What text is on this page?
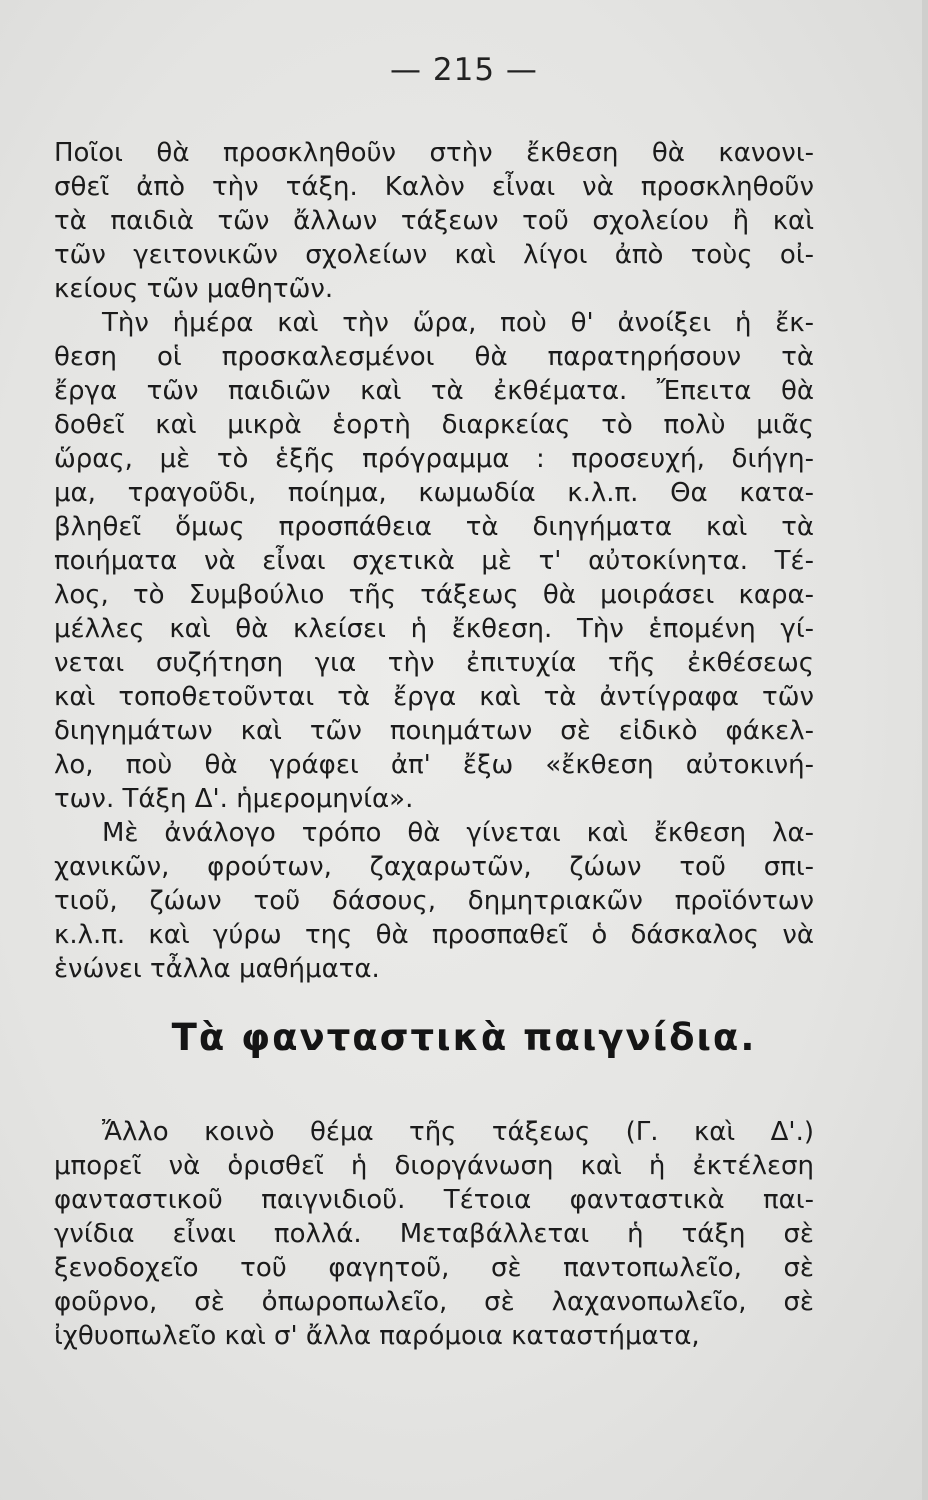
— 215 —
Ποῖοι θὰ προσκληθοῦν στὴν ἔκθεση θὰ κανονι-
σθεῖ ἀπὸ τὴν τάξη. Καλὸν εἶναι νὰ προσκληθοῦν
τὰ παιδιὰ τῶν ἄλλων τάξεων τοῦ σχολείου ἢ καὶ
τῶν γειτονικῶν σχολείων καὶ λίγοι ἀπὸ τοὺς οἰ-
κείους τῶν μαθητῶν.
Τὴν ἡμέρα καὶ τὴν ὥρα, ποὺ θ' ἀνοίξει ἡ ἔκ-
θεση οἱ προσκαλεσμένοι θὰ παρατηρήσουν τὰ
ἔργα τῶν παιδιῶν καὶ τὰ ἐκθέματα. Ἔπειτα θὰ
δοθεῖ καὶ μικρὰ ἑορτὴ διαρκείας τὸ πολὺ μιᾶς
ὥρας, μὲ τὸ ἑξῆς πρόγραμμα : προσευχή, διήγη-
μα, τραγοῦδι, ποίημα, κωμωδία κ.λ.π. Θα κατα-
βληθεῖ ὅμως προσπάθεια τὰ διηγήματα καὶ τὰ
ποιήματα νὰ εἶναι σχετικὰ μὲ τ' αὐτοκίνητα. Τέ-
λος, τὸ Συμβούλιο τῆς τάξεως θὰ μοιράσει καρα-
μέλλες καὶ θὰ κλείσει ἡ ἔκθεση. Τὴν ἑπομένη γί-
νεται συζήτηση για τὴν ἐπιτυχία τῆς ἐκθέσεως
καὶ τοποθετοῦνται τὰ ἔργα καὶ τὰ ἀντίγραφα τῶν
διηγημάτων καὶ τῶν ποιημάτων σὲ εἰδικὸ φάκελ-
λο, ποὺ θὰ γράφει ἀπ' ἔξω «ἔκθεση αὐτοκινή-
των. Τάξη Δ'. ἡμερομηνία».
Μὲ ἀνάλογο τρόπο θὰ γίνεται καὶ ἔκθεση λα-
χανικῶν, φρούτων, ζαχαρωτῶν, ζώων τοῦ σπι-
τιοῦ, ζώων τοῦ δάσους, δημητριακῶν προϊόντων
κ.λ.π. καὶ γύρω της θὰ προσπαθεῖ ὁ δάσκαλος νὰ
ἑνώνει τἆλλα μαθήματα.
Τὰ φανταστικὰ παιγνίδια.
Ἄλλο κοινὸ θέμα τῆς τάξεως (Γ. καὶ Δ'.)
μπορεῖ νὰ ὁρισθεῖ ἡ διοργάνωση καὶ ἡ ἐκτέλεση
φανταστικοῦ παιγνιδιοῦ. Τέτοια φανταστικὰ παι-
γνίδια εἶναι πολλά. Μεταβάλλεται ἡ τάξη σὲ
ξενοδοχεῖο τοῦ φαγητοῦ, σὲ παντοπωλεῖο, σὲ
φοῦρνο, σὲ ὀπωροπωλεῖο, σὲ λαχανοπωλεῖο, σὲ
ἰχθυοπωλεῖο καὶ σ' ἄλλα παρόμοια καταστήματα,
